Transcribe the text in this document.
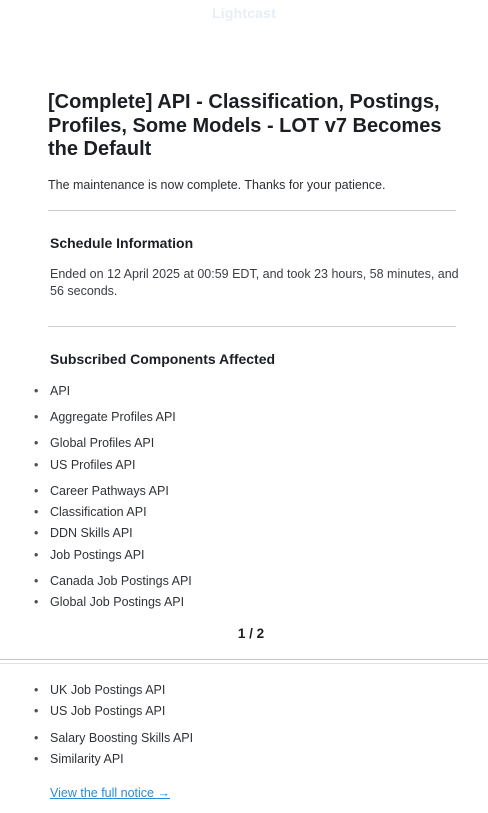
Lightcast
[Complete] API - Classification, Postings, Profiles, Some Models - LOT v7 Becomes the Default
The maintenance is now complete. Thanks for your patience.
Schedule Information
Ended on 12 April 2025 at 00:59 EDT, and took 23 hours, 58 minutes, and 56 seconds.
Subscribed Components Affected
• API
• Aggregate Profiles API
• Global Profiles API
• US Profiles API
• Career Pathways API
• Classification API
• DDN Skills API
• Job Postings API
• Canada Job Postings API
• Global Job Postings API
1 / 2
• UK Job Postings API
• US Job Postings API
• Salary Boosting Skills API
• Similarity API
View the full notice →
